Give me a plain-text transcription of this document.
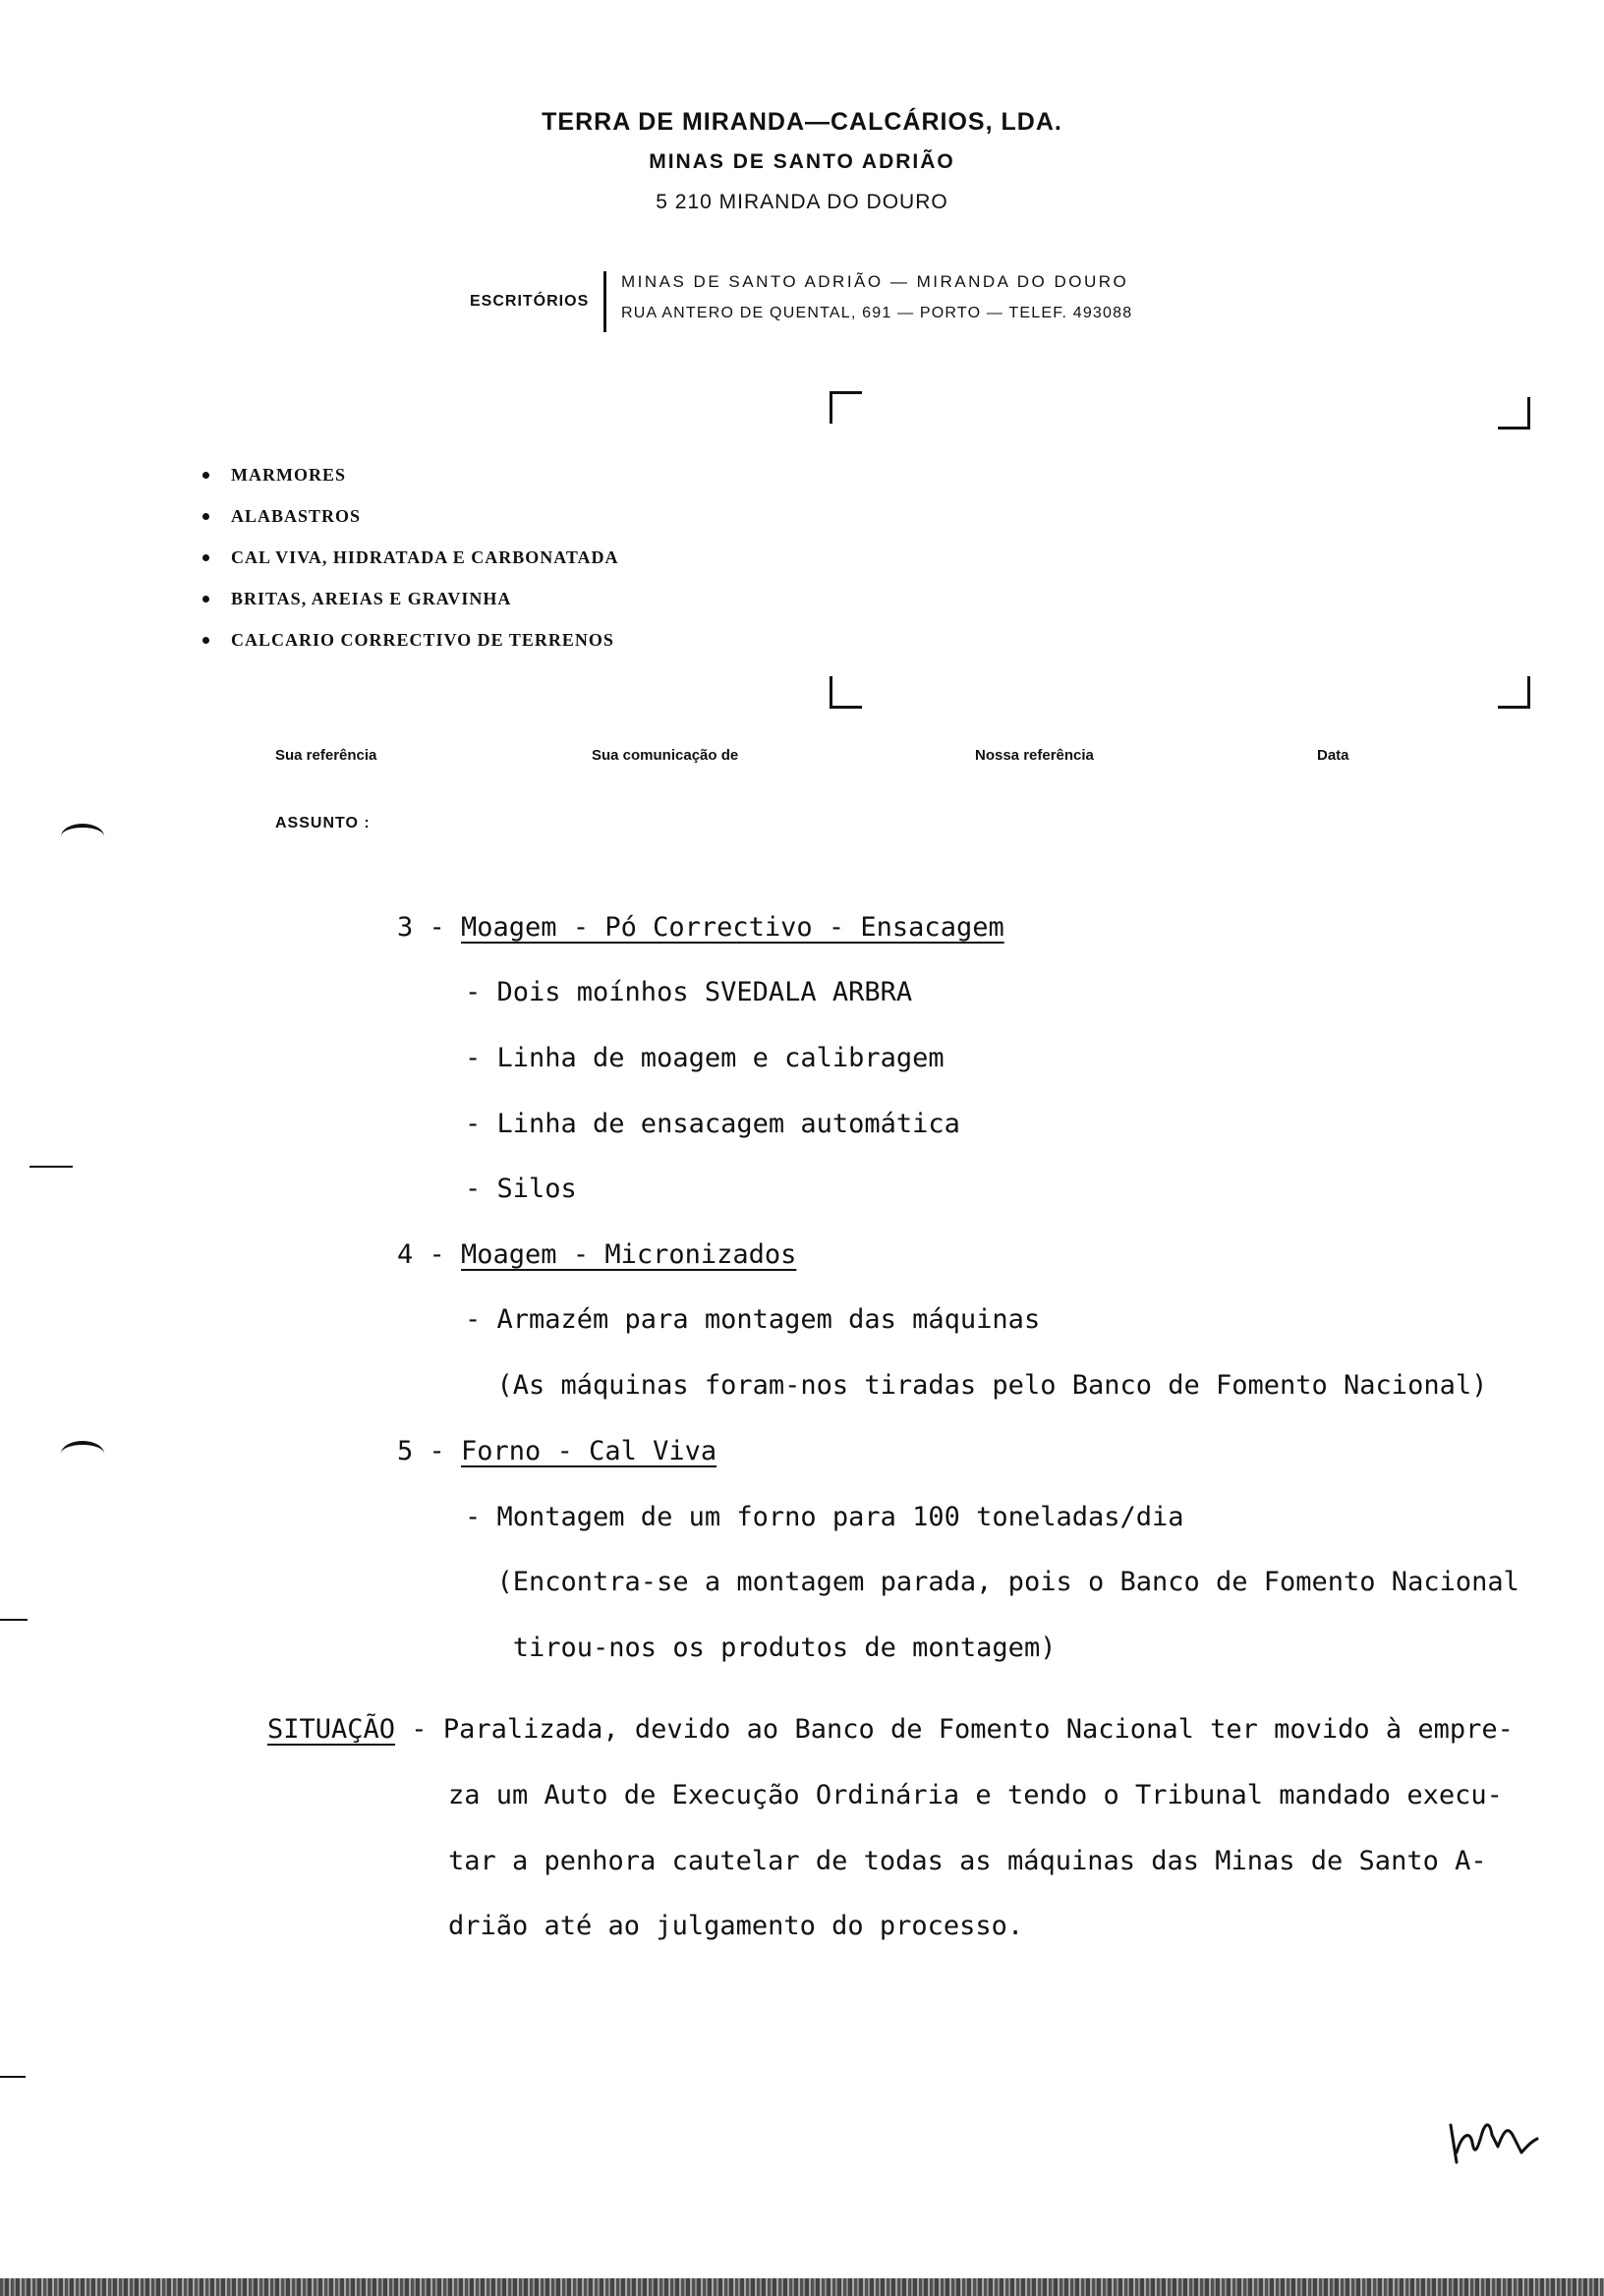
TERRA DE MIRANDA—CALCÁRIOS, LDA.
MINAS DE SANTO ADRIÃO
5 210 MIRANDA DO DOURO
ESCRITÓRIOS
MINAS DE SANTO ADRIÃO — MIRANDA DO DOURO
RUA ANTERO DE QUENTAL, 691 — PORTO — TELEF. 493088
MARMORES
ALABASTROS
CAL VIVA, HIDRATADA E CARBONATADA
BRITAS, AREIAS E GRAVINHA
CALCARIO CORRECTIVO DE TERRENOS
Sua referência	Sua comunicação de	Nossa referência	Data
ASSUNTO :
3 - Moagem - Pó Correctivo - Ensacagem
- Dois moínhos SVEDALA ARBRA
- Linha de moagem e calibragem
- Linha de ensacagem automática
- Silos
4 - Moagem - Micronizados
- Armazém para montagem das máquinas
(As máquinas foram-nos tiradas pelo Banco de Fomento Nacional)
5 - Forno - Cal Viva
- Montagem de um forno para 100 toneladas/dia
(Encontra-se a montagem parada, pois o Banco de Fomento Nacional
tirou-nos os produtos de montagem)
SITUAÇÃO - Paralizada, devido ao Banco de Fomento Nacional ter movido à empre-
za um Auto de Execução Ordinária e tendo o Tribunal mandado execu-
tar a penhora cautelar de todas as máquinas das Minas de Santo A-
drião até ao julgamento do processo.
